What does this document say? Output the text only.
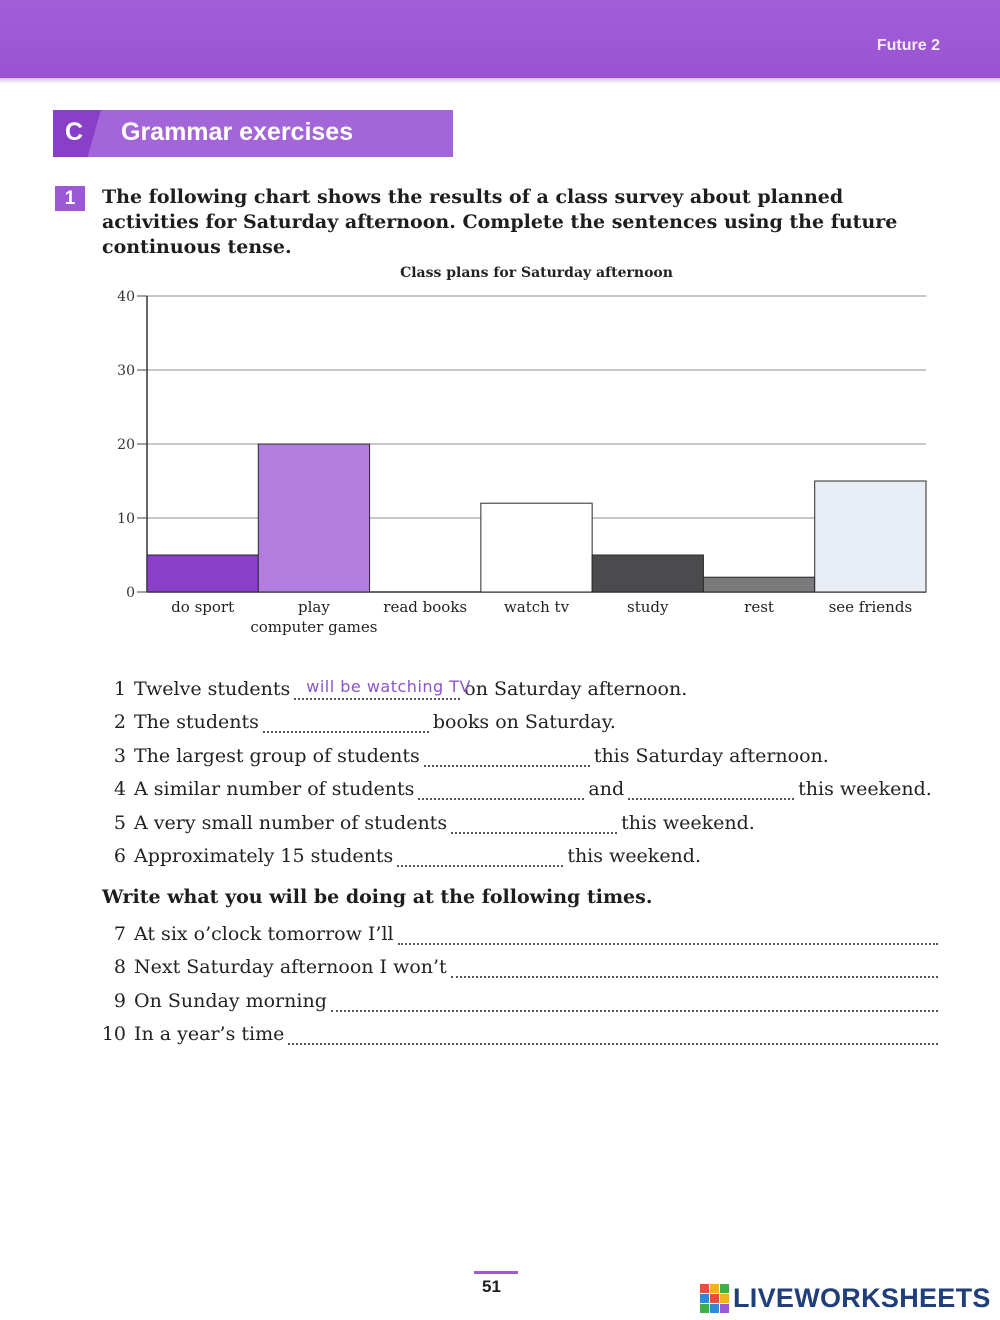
Future 2
C Grammar exercises
1	The following chart shows the results of a class survey about planned activities for Saturday afternoon. Complete the sentences using the future continuous tense.
Class plans for Saturday afternoon
0
10
20
30
40
do sport	play computer games
read books watch tv	study	rest	see friends
1 Twelve students will be watching TV
on Saturday afternoon.
2 The students	books on Saturday.
3 The largest group of students	this Saturday afternoon.
4 A similar number of students	and	this weekend.
5 A very small number of students	this weekend.
6 Approximately 15 students	this weekend.
Write what you will be doing at the following times.
7 At six o’clock tomorrow I’ll
8 Next Saturday afternoon I won’t
9 On Sunday morning
10 In a year’s time
51	LIVEWORKSHEETS
